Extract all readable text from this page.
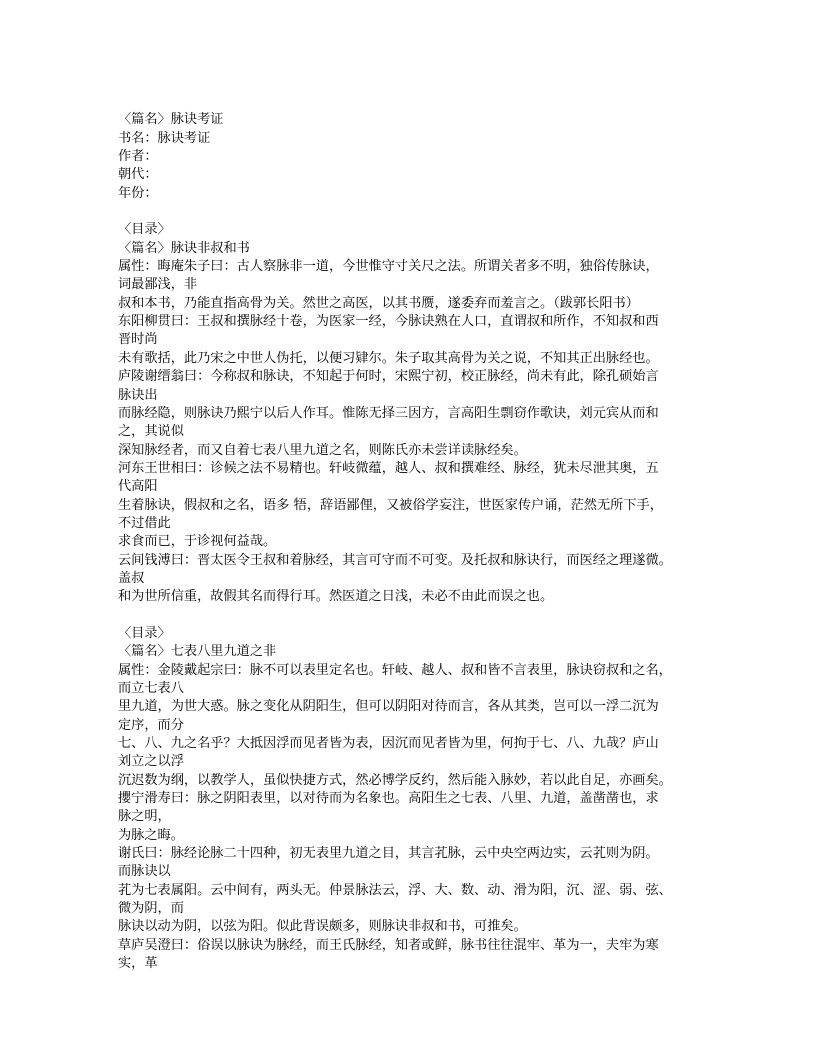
〈篇名〉脉诀考证
书名：脉诀考证
作者：
朝代：
年份：
〈目录〉
〈篇名〉脉诀非叔和书
属性：晦庵朱子曰：古人察脉非一道，今世惟守寸关尺之法。所谓关者多不明，独俗传脉诀，
词最鄙浅，非
叔和本书，乃能直指高骨为关。然世之高医，以其书赝，遂委弃而羞言之。（跋郭长阳书）
东阳柳贯曰：王叔和撰脉经十卷，为医家一经，今脉诀熟在人口，直谓叔和所作，不知叔和西
晋时尚
未有歌括，此乃宋之中世人伪托，以便习肄尔。朱子取其高骨为关之说，不知其正出脉经也。
庐陵谢缙翁曰：今称叔和脉诀，不知起于何时，宋熙宁初，校正脉经，尚未有此，除孔硕始言
脉诀出
而脉经隐，则脉诀乃熙宁以后人作耳。惟陈无择三因方，言高阳生剽窃作歌诀，刘元宾从而和
之，其说似
深知脉经者，而又自着七表八里九道之名，则陈氏亦未尝详读脉经矣。
河东王世相曰：诊候之法不易精也。轩岐微蕴，越人、叔和撰难经、脉经，犹未尽泄其奥，五
代高阳
生着脉诀，假叔和之名，语多 牾，辞语鄙俚，又被俗学妄注，世医家传户诵，茫然无所下手，
不过借此
求食而已，于诊视何益哉。
云间钱溥曰：晋太医令王叔和着脉经，其言可守而不可变。及托叔和脉诀行，而医经之理遂微。
盖叔
和为世所信重，故假其名而得行耳。然医道之日浅，未必不由此而误之也。
〈目录〉
〈篇名〉七表八里九道之非
属性：金陵戴起宗曰：脉不可以表里定名也。轩岐、越人、叔和皆不言表里，脉诀窃叔和之名，
而立七表八
里九道，为世大惑。脉之变化从阴阳生，但可以阴阳对待而言，各从其类，岂可以一浮二沉为
定序，而分
七、八、九之名乎？大抵因浮而见者皆为表，因沉而见者皆为里，何拘于七、八、九哉？庐山
刘立之以浮
沉迟数为纲，以教学人，虽似快捷方式，然必博学反约，然后能入脉妙，若以此自足，亦画矣。
攖宁滑寿曰：脉之阴阳表里，以对待而为名象也。高阳生之七表、八里、九道，盖凿凿也，求
脉之明，
为脉之晦。
谢氏曰：脉经论脉二十四种，初无表里九道之目，其言芤脉，云中央空两边实，云芤则为阴。
而脉诀以
芤为七表属阳。云中间有，两头无。仲景脉法云，浮、大、数、动、滑为阳，沉、涩、弱、弦、
微为阴，而
脉诀以动为阴，以弦为阳。似此背误颇多，则脉诀非叔和书，可推矣。
草庐吴澄曰：俗误以脉诀为脉经，而王氏脉经，知者或鲜，脉书往往混牢、革为一，夫牢为寒
实，革
